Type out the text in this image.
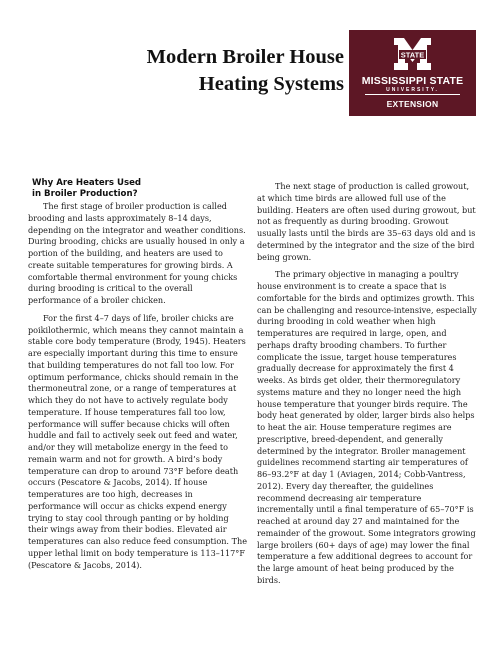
Modern Broiler House
Heating Systems
STATE
MISSISSIPPI STATE
UNIVERSITY.
EXTENSION
Why Are Heaters Used
in Broiler Production?

The first stage of broiler production is called brooding and lasts approximately 8–14 days, depending on the integrator and weather conditions. During brooding, chicks are usually housed in only a portion of the building, and heaters are used to create suitable temperatures for growing birds. A comfortable thermal environment for young chicks during brooding is critical to the overall performance of a broiler chicken.

For the first 4–7 days of life, broiler chicks are poikilothermic, which means they cannot maintain a stable core body temperature (Brody, 1945). Heaters are especially important during this time to ensure that building temperatures do not fall too low. For optimum performance, chicks should remain in the thermoneutral zone, or a range of temperatures at which they do not have to actively regulate body temperature. If house temperatures fall too low, performance will suffer because chicks will often huddle and fail to actively seek out feed and water, and/or they will metabolize energy in the feed to remain warm and not for growth. A bird’s body temperature can drop to around 73°F before death occurs (Pescatore & Jacobs, 2014). If house temperatures are too high, decreases in performance will occur as chicks expend energy trying to stay cool through panting or by holding their wings away from their bodies. Elevated air temperatures can also reduce feed consumption. The upper lethal limit on body temperature is 113–117°F (Pescatore & Jacobs, 2014).

The next stage of production is called growout, at which time birds are allowed full use of the building. Heaters are often used during growout, but not as frequently as during brooding. Growout usually lasts until the birds are 35–63 days old and is determined by the integrator and the size of the bird being grown.

The primary objective in managing a poultry house environment is to create a space that is comfortable for the birds and optimizes growth. This can be challenging and resource-intensive, especially during brooding in cold weather when high temperatures are required in large, open, and perhaps drafty brooding chambers. To further complicate the issue, target house temperatures gradually decrease for approximately the first 4 weeks. As birds get older, their thermoregulatory systems mature and they no longer need the high house temperature that younger birds require. The body heat generated by older, larger birds also helps to heat the air. House temperature regimes are prescriptive, breed-dependent, and generally determined by the integrator. Broiler management guidelines recommend starting air temperatures of 86–93.2°F at day 1 (Aviagen, 2014; Cobb-Vantress, 2012). Every day thereafter, the guidelines recommend decreasing air temperature incrementally until a final temperature of 65–70°F is reached at around day 27 and maintained for the remainder of the growout. Some integrators growing large broilers (60+ days of age) may lower the final temperature a few additional degrees to account for the large amount of heat being produced by the birds.
